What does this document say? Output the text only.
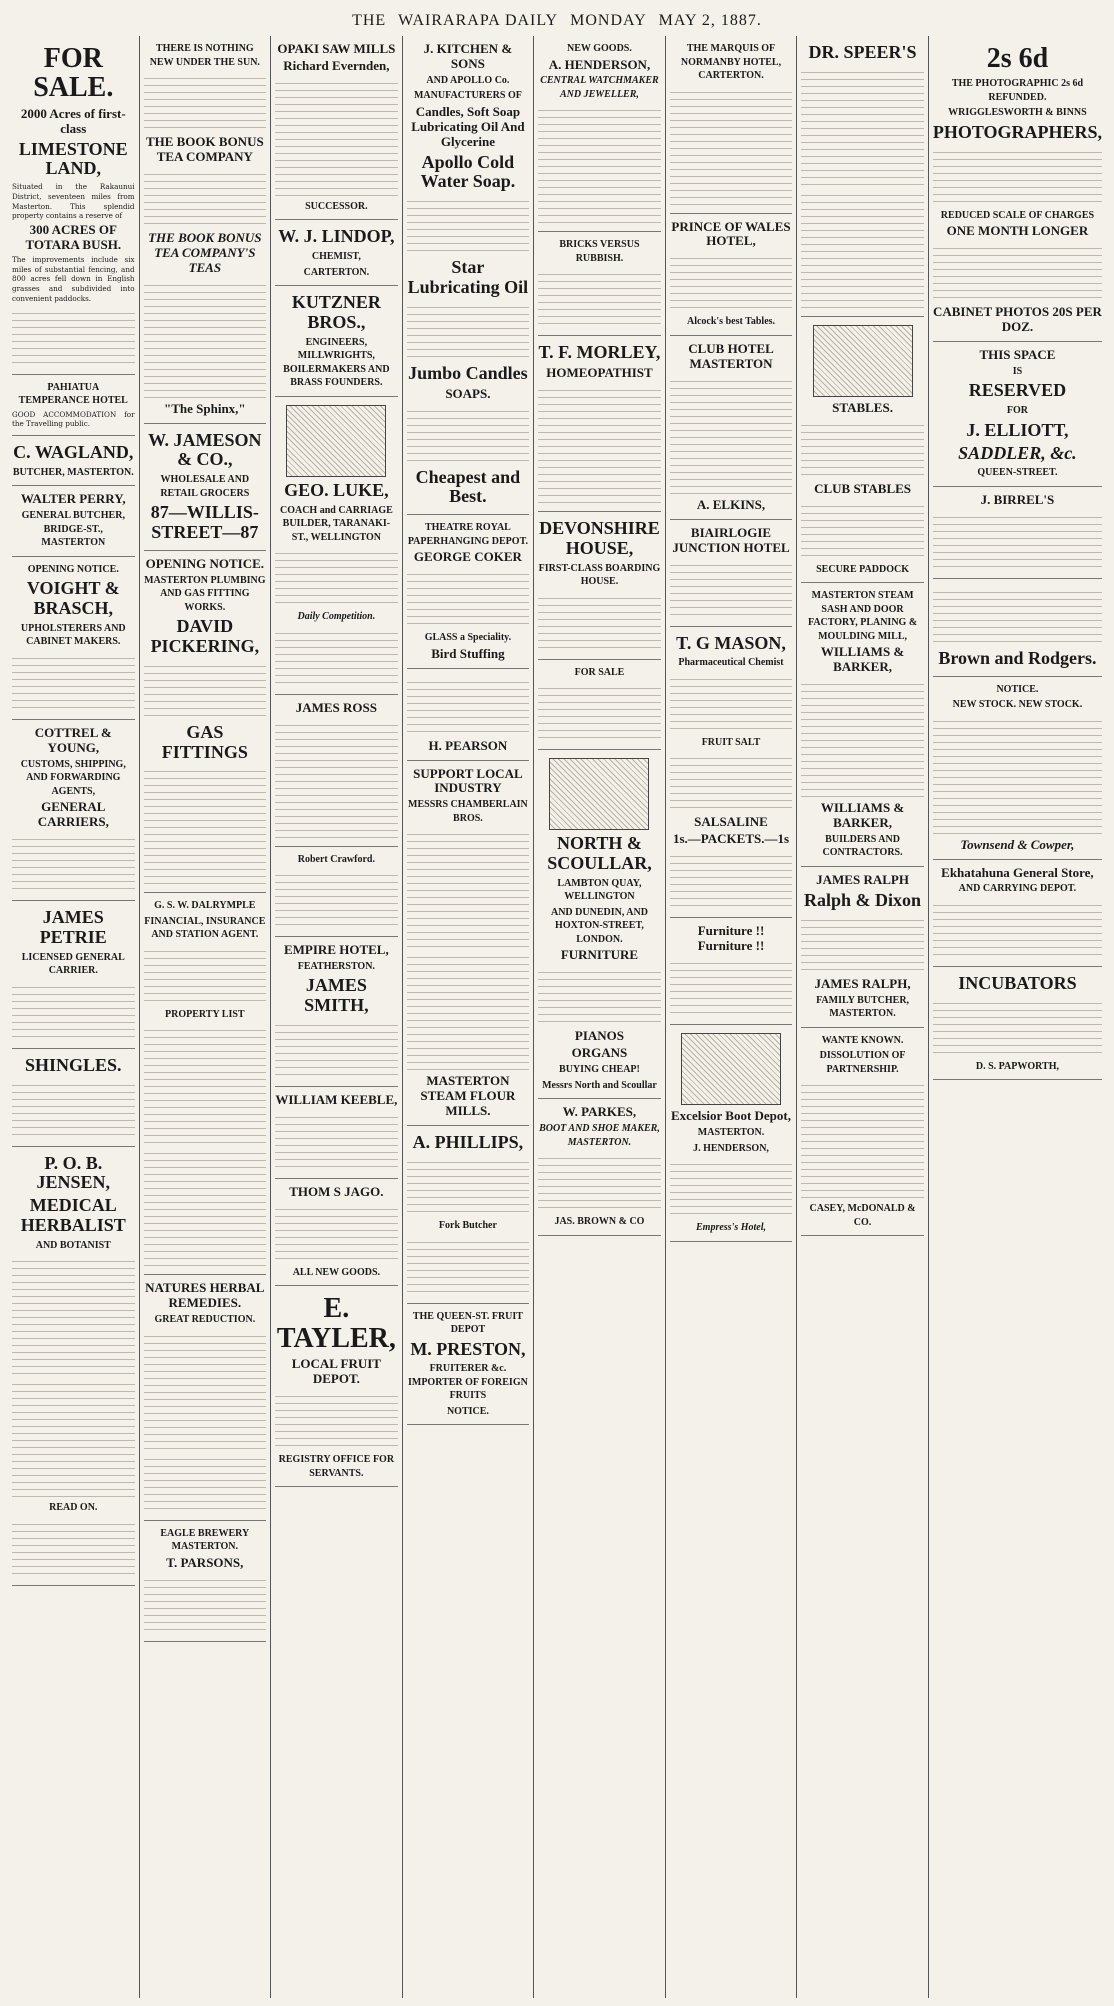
THE WAIRARAPA DAILY MONDAY MAY 2, 1887.
FOR SALE.
2000 Acres of first-class
LIMESTONE LAND,

Situated in the Rakaunui District, seventeen miles from Masterton. This splendid property contains a reserve of

300 ACRES OF TOTARA BUSH.

The improvements include six miles of substantial fencing, and 800 acres fell down in English grasses and subdivided into convenient paddocks.

PAHIATUA TEMPERANCE HOTEL

GOOD ACCOMMODATION for the Travelling public.

C. WAGLAND,
BUTCHER, MASTERTON.
WALTER PERRY,
GENERAL BUTCHER, BRIDGE-ST., MASTERTON
OPENING NOTICE.
VOIGHT & BRASCH,
UPHOLSTERERS AND CABINET MAKERS.
COTTREL & YOUNG,
CUSTOMS, SHIPPING, AND FORWARDING AGENTS,
GENERAL CARRIERS,
JAMES PETRIE
LICENSED GENERAL CARRIER.
SHINGLES.
P. O. B. JENSEN,
MEDICAL HERBALIST
AND BOTANIST
READ ON.
THERE IS NOTHING NEW UNDER THE SUN.
THE BOOK BONUS TEA COMPANY
THE BOOK BONUS TEA COMPANY'S TEAS
"The Sphinx,"
W. JAMESON & CO.,
WHOLESALE AND RETAIL GROCERS
87—WILLIS-STREET—87
OPENING NOTICE.
MASTERTON PLUMBING AND GAS FITTING WORKS.
DAVID PICKERING,
GAS FITTINGS
G. S. W. DALRYMPLE
FINANCIAL, INSURANCE AND STATION AGENT.
PROPERTY LIST
NATURES HERBAL REMEDIES.
GREAT REDUCTION.
EAGLE BREWERY MASTERTON.
T. PARSONS,
OPAKI SAW MILLS
Richard Evernden,
SUCCESSOR.
W. J. LINDOP,
CHEMIST,
CARTERTON.
KUTZNER BROS.,
ENGINEERS, MILLWRIGHTS, BOILERMAKERS AND BRASS FOUNDERS.
GEO. LUKE,
COACH and CARRIAGE BUILDER, TARANAKI-ST., WELLINGTON
Daily Competition.
JAMES ROSS
Robert Crawford.
EMPIRE HOTEL,
FEATHERSTON.
JAMES SMITH,
WILLIAM KEEBLE,
THOM S JAGO.
ALL NEW GOODS.
E. TAYLER,
LOCAL FRUIT DEPOT.
REGISTRY OFFICE FOR SERVANTS.
J. KITCHEN & SONS
AND APOLLO Co.
MANUFACTURERS OF
Candles, Soft Soap Lubricating Oil And Glycerine
Apollo Cold Water Soap.
Star Lubricating Oil
Jumbo Candles
SOAPS.
Cheapest and Best.
THEATRE ROYAL PAPERHANGING DEPOT.
GEORGE COKER
GLASS a Speciality.
Bird Stuffing
H. PEARSON
SUPPORT LOCAL INDUSTRY
MESSRS CHAMBERLAIN BROS.
MASTERTON STEAM FLOUR MILLS.
A. PHILLIPS,
Fork Butcher
THE QUEEN-ST. FRUIT DEPOT
M. PRESTON,
FRUITERER &c. IMPORTER OF FOREIGN FRUITS
NOTICE.
NEW GOODS.
A. HENDERSON,
CENTRAL WATCHMAKER AND JEWELLER,
BRICKS VERSUS RUBBISH.
T. F. MORLEY,
HOMEOPATHIST
DEVONSHIRE HOUSE,
FIRST-CLASS BOARDING HOUSE.
FOR SALE
NORTH & SCOULLAR,
LAMBTON QUAY, WELLINGTON
AND DUNEDIN, AND HOXTON-STREET, LONDON.
FURNITURE
PIANOS
ORGANS
BUYING CHEAP!
Messrs North and Scoullar
W. PARKES,
BOOT AND SHOE MAKER, MASTERTON.
JAS. BROWN & CO
THE MARQUIS OF NORMANBY HOTEL, CARTERTON.
PRINCE OF WALES HOTEL,
Alcock's best Tables.
CLUB HOTEL MASTERTON
A. ELKINS,
BIAIRLOGIE JUNCTION HOTEL
T. G MASON,
Pharmaceutical Chemist
FRUIT SALT
SALSALINE
1s.—PACKETS.—1s
Furniture !! Furniture !!
Excelsior Boot Depot,
MASTERTON.
J. HENDERSON,
Empress's Hotel,
DR. SPEER'S
STABLES.
CLUB STABLES
SECURE PADDOCK
MASTERTON STEAM SASH AND DOOR FACTORY, PLANING & MOULDING MILL,
WILLIAMS & BARKER,
WILLIAMS & BARKER,
BUILDERS AND CONTRACTORS.
JAMES RALPH
Ralph & Dixon
JAMES RALPH,
FAMILY BUTCHER, MASTERTON.
WANTE KNOWN.
DISSOLUTION OF PARTNERSHIP.
CASEY, McDONALD & CO.
2s 6d
THE PHOTOGRAPHIC 2s 6d REFUNDED.
WRIGGLESWORTH & BINNS
PHOTOGRAPHERS,
REDUCED SCALE OF CHARGES
ONE MONTH LONGER
CABINET PHOTOS 20S PER DOZ.
THIS SPACE
IS
RESERVED
FOR
J. ELLIOTT,
SADDLER, &c.
QUEEN-STREET.
J. BIRREL'S
Brown and Rodgers.
NOTICE.
NEW STOCK. NEW STOCK.
Townsend & Cowper,
Ekhatahuna General Store,
AND CARRYING DEPOT.
INCUBATORS
D. S. PAPWORTH,
